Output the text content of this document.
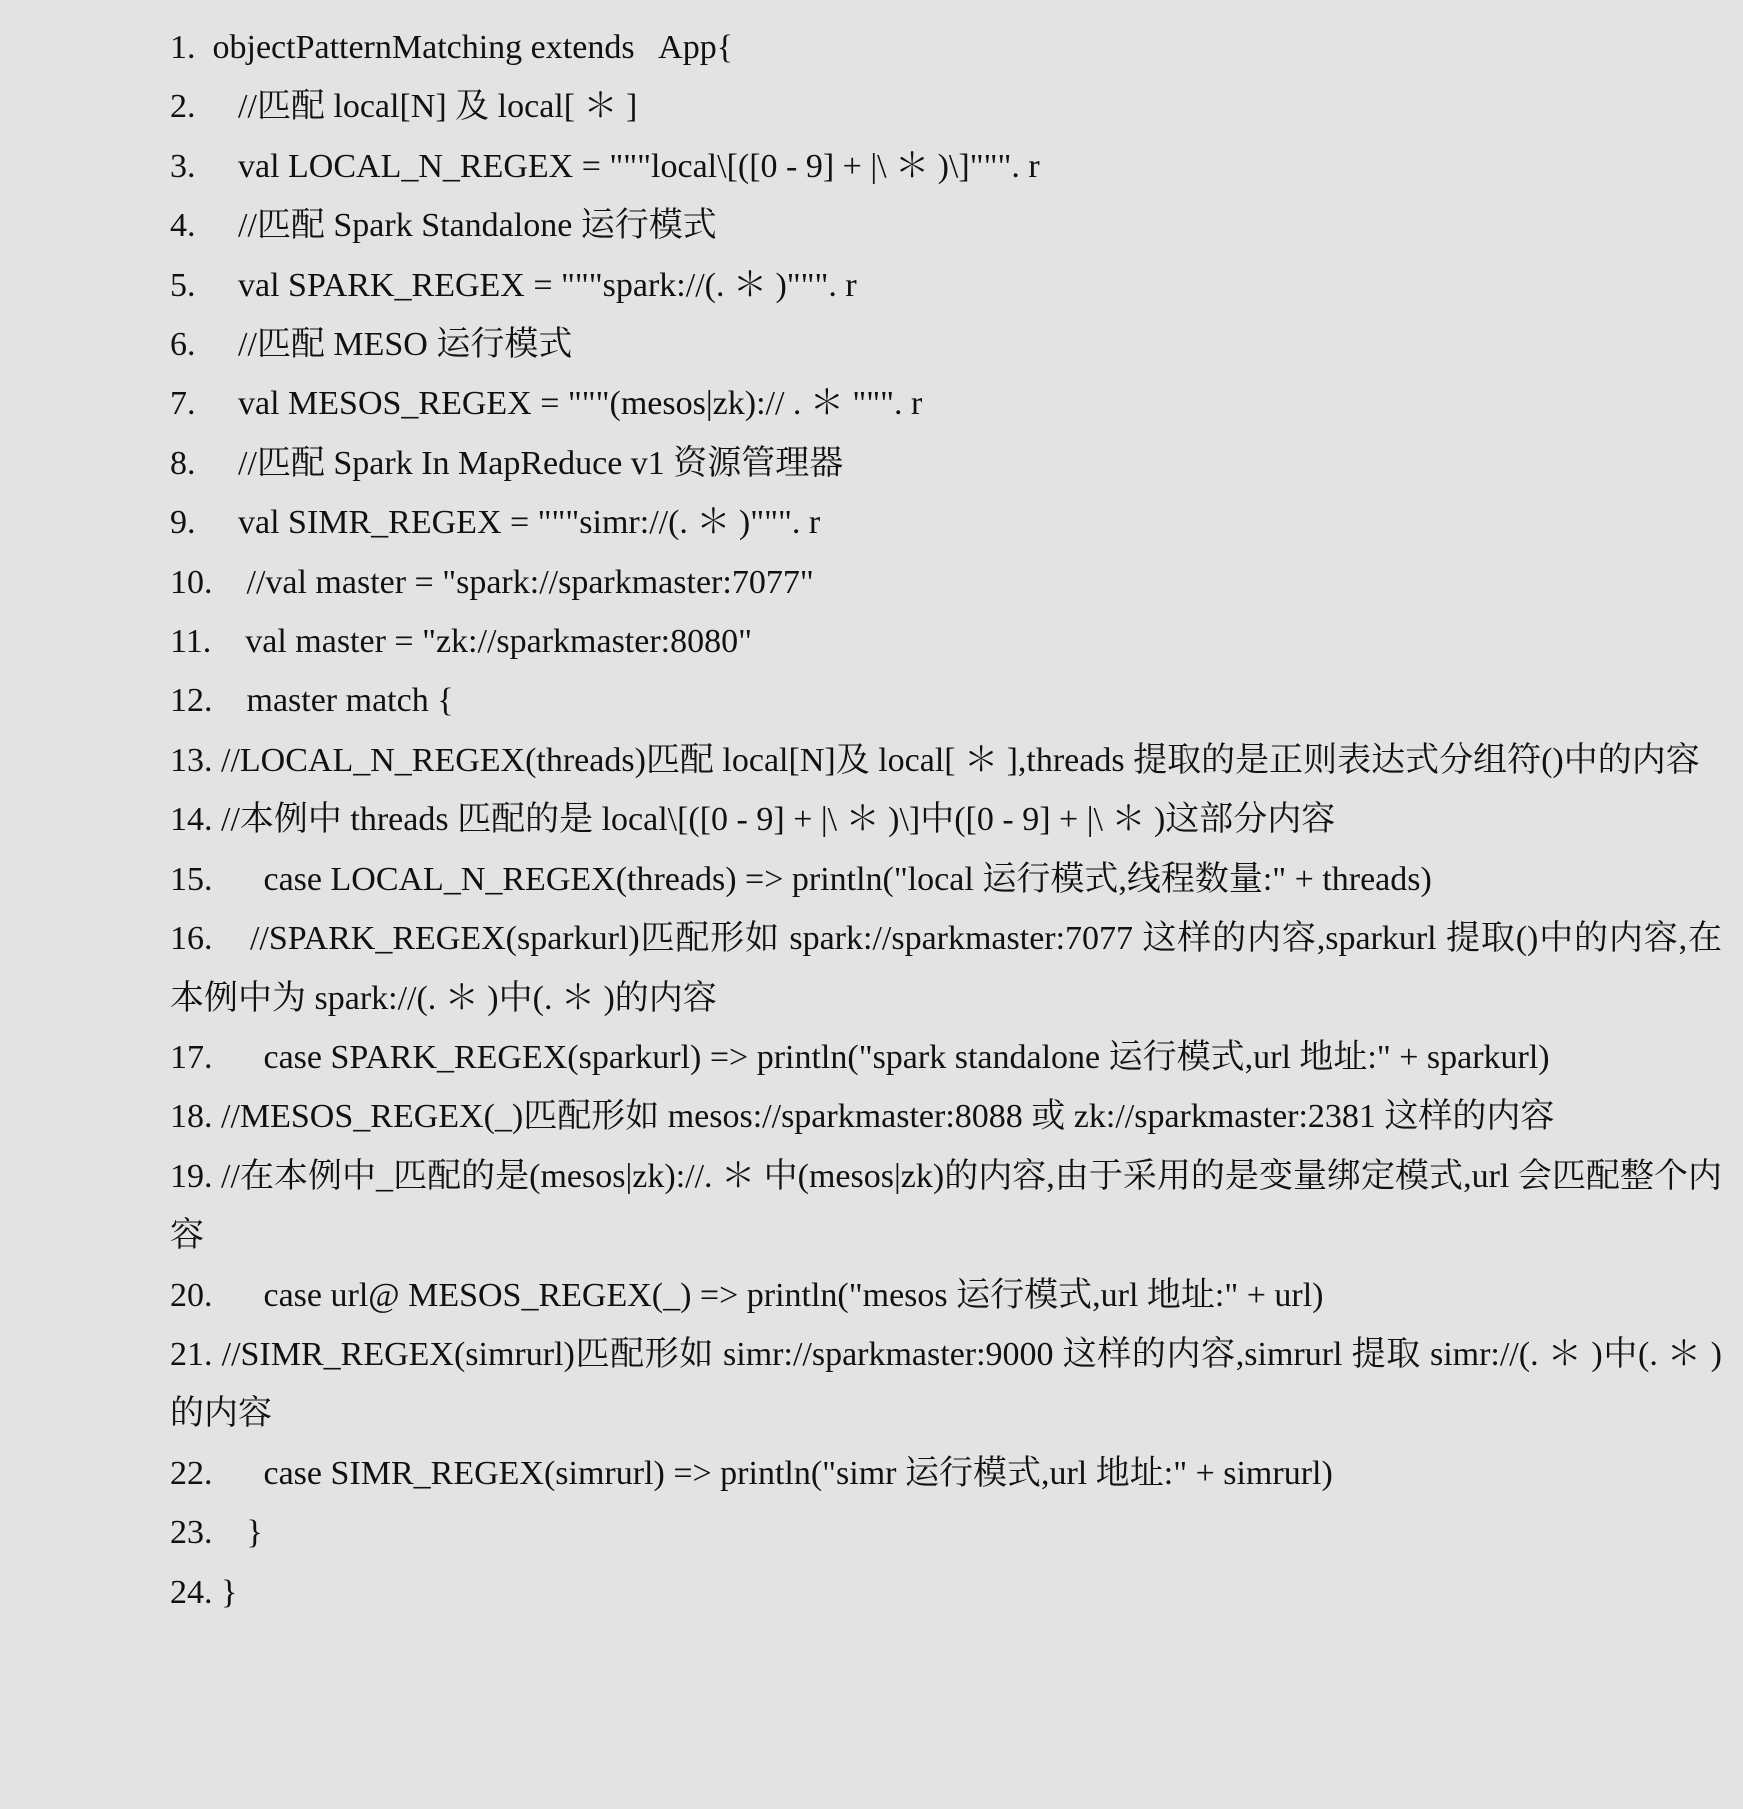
1. objectPatternMatching extends   App{
2. //匹配 local[N] 及 local[ ＊ ]
3. val LOCAL_N_REGEX = """local\[([0 - 9] + |\ ＊ )\]""". r
4. //匹配 Spark Standalone 运行模式
5. val SPARK_REGEX = """spark://(. ＊ )""". r
6. //匹配 MESO 运行模式
7. val MESOS_REGEX = """(mesos|zk):// . ＊ """. r
8. //匹配 Spark In MapReduce v1 资源管理器
9. val SIMR_REGEX = """simr://(. ＊ )""". r
10. //val master = "spark://sparkmaster:7077"
11. val master = "zk://sparkmaster:8080"
12. master match {
13. //LOCAL_N_REGEX(threads)匹配 local[N]及 local[ ＊ ],threads 提取的是正则表达式分组符()中的内容
14. //本例中 threads 匹配的是 local\[([0 - 9] + |\ ＊ )\]中([0 - 9] + |\ ＊ )这部分内容
15. case LOCAL_N_REGEX(threads) => println("local 运行模式,线程数量:" + threads)
16. //SPARK_REGEX(sparkurl)匹配形如 spark://sparkmaster:7077 这样的内容,sparkurl 提取()中的内容,在本例中为 spark://(. ＊ )中(. ＊ )的内容
17. case SPARK_REGEX(sparkurl) => println("spark standalone 运行模式,url 地址:" + sparkurl)
18. //MESOS_REGEX(_)匹配形如 mesos://sparkmaster:8088 或 zk://sparkmaster:2381 这样的内容
19. //在本例中_匹配的是(mesos|zk)://. ＊ 中(mesos|zk)的内容,由于采用的是变量绑定模式,url 会匹配整个内容
20. case url@ MESOS_REGEX(_) => println("mesos 运行模式,url 地址:" + url)
21. //SIMR_REGEX(simrurl)匹配形如 simr://sparkmaster:9000 这样的内容,simrurl 提取 simr://(. ＊ )中(. ＊ )的内容
22. case SIMR_REGEX(simrurl) => println("simr 运行模式,url 地址:" + simrurl)
23. }
24. }
